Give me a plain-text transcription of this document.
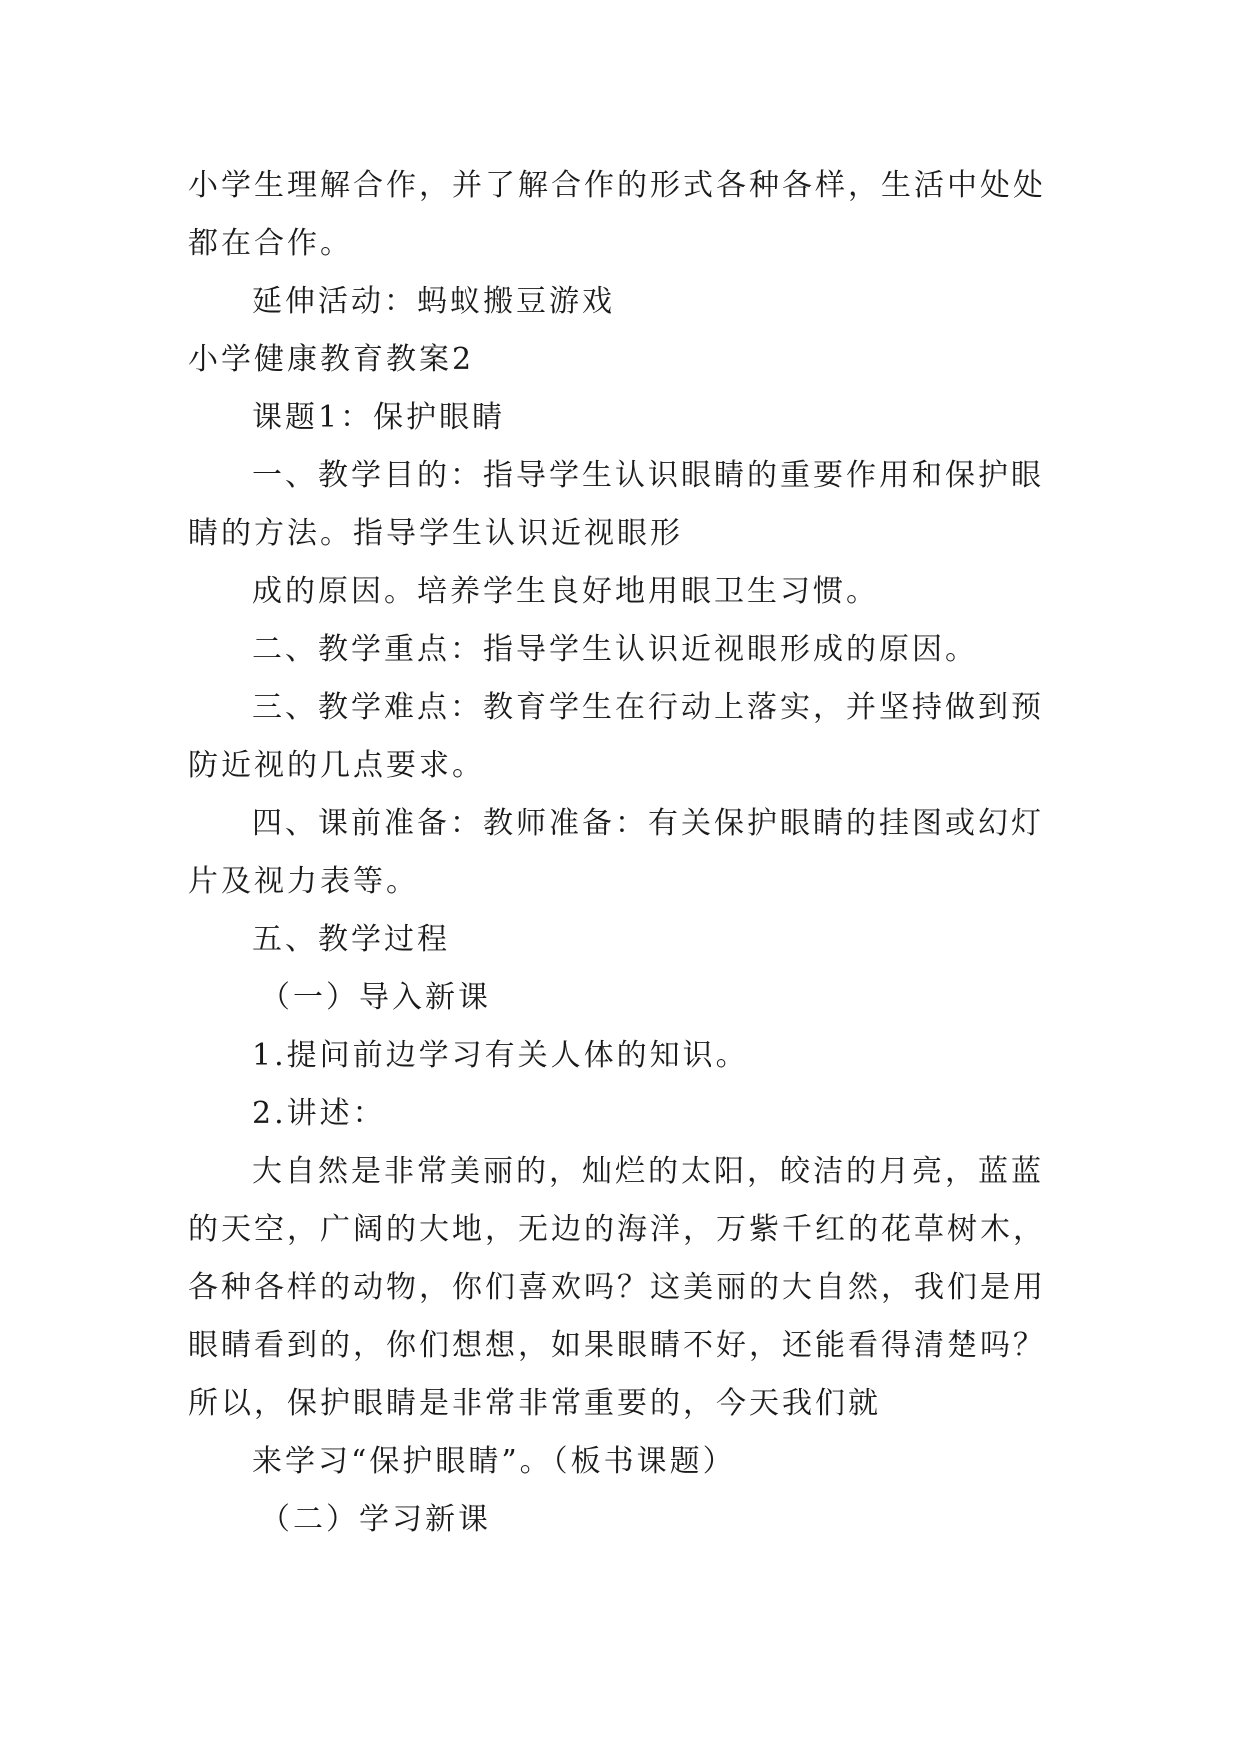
小学生理解合作，并了解合作的形式各种各样，生活中处处
都在合作。
延伸活动：蚂蚁搬豆游戏
小学健康教育教案2
课题1：保护眼睛
一、教学目的：指导学生认识眼睛的重要作用和保护眼
睛的方法。指导学生认识近视眼形
成的原因。培养学生良好地用眼卫生习惯。
二、教学重点：指导学生认识近视眼形成的原因。
三、教学难点：教育学生在行动上落实，并坚持做到预
防近视的几点要求。
四、课前准备：教师准备：有关保护眼睛的挂图或幻灯
片及视力表等。
五、教学过程
（一）导入新课
1.提问前边学习有关人体的知识。
2.讲述：
大自然是非常美丽的，灿烂的太阳，皎洁的月亮，蓝蓝
的天空，广阔的大地，无边的海洋，万紫千红的花草树木，
各种各样的动物，你们喜欢吗？这美丽的大自然，我们是用
眼睛看到的，你们想想，如果眼睛不好，还能看得清楚吗？
所以，保护眼睛是非常非常重要的，今天我们就
来学习“保护眼睛”。（板书课题）
（二）学习新课
